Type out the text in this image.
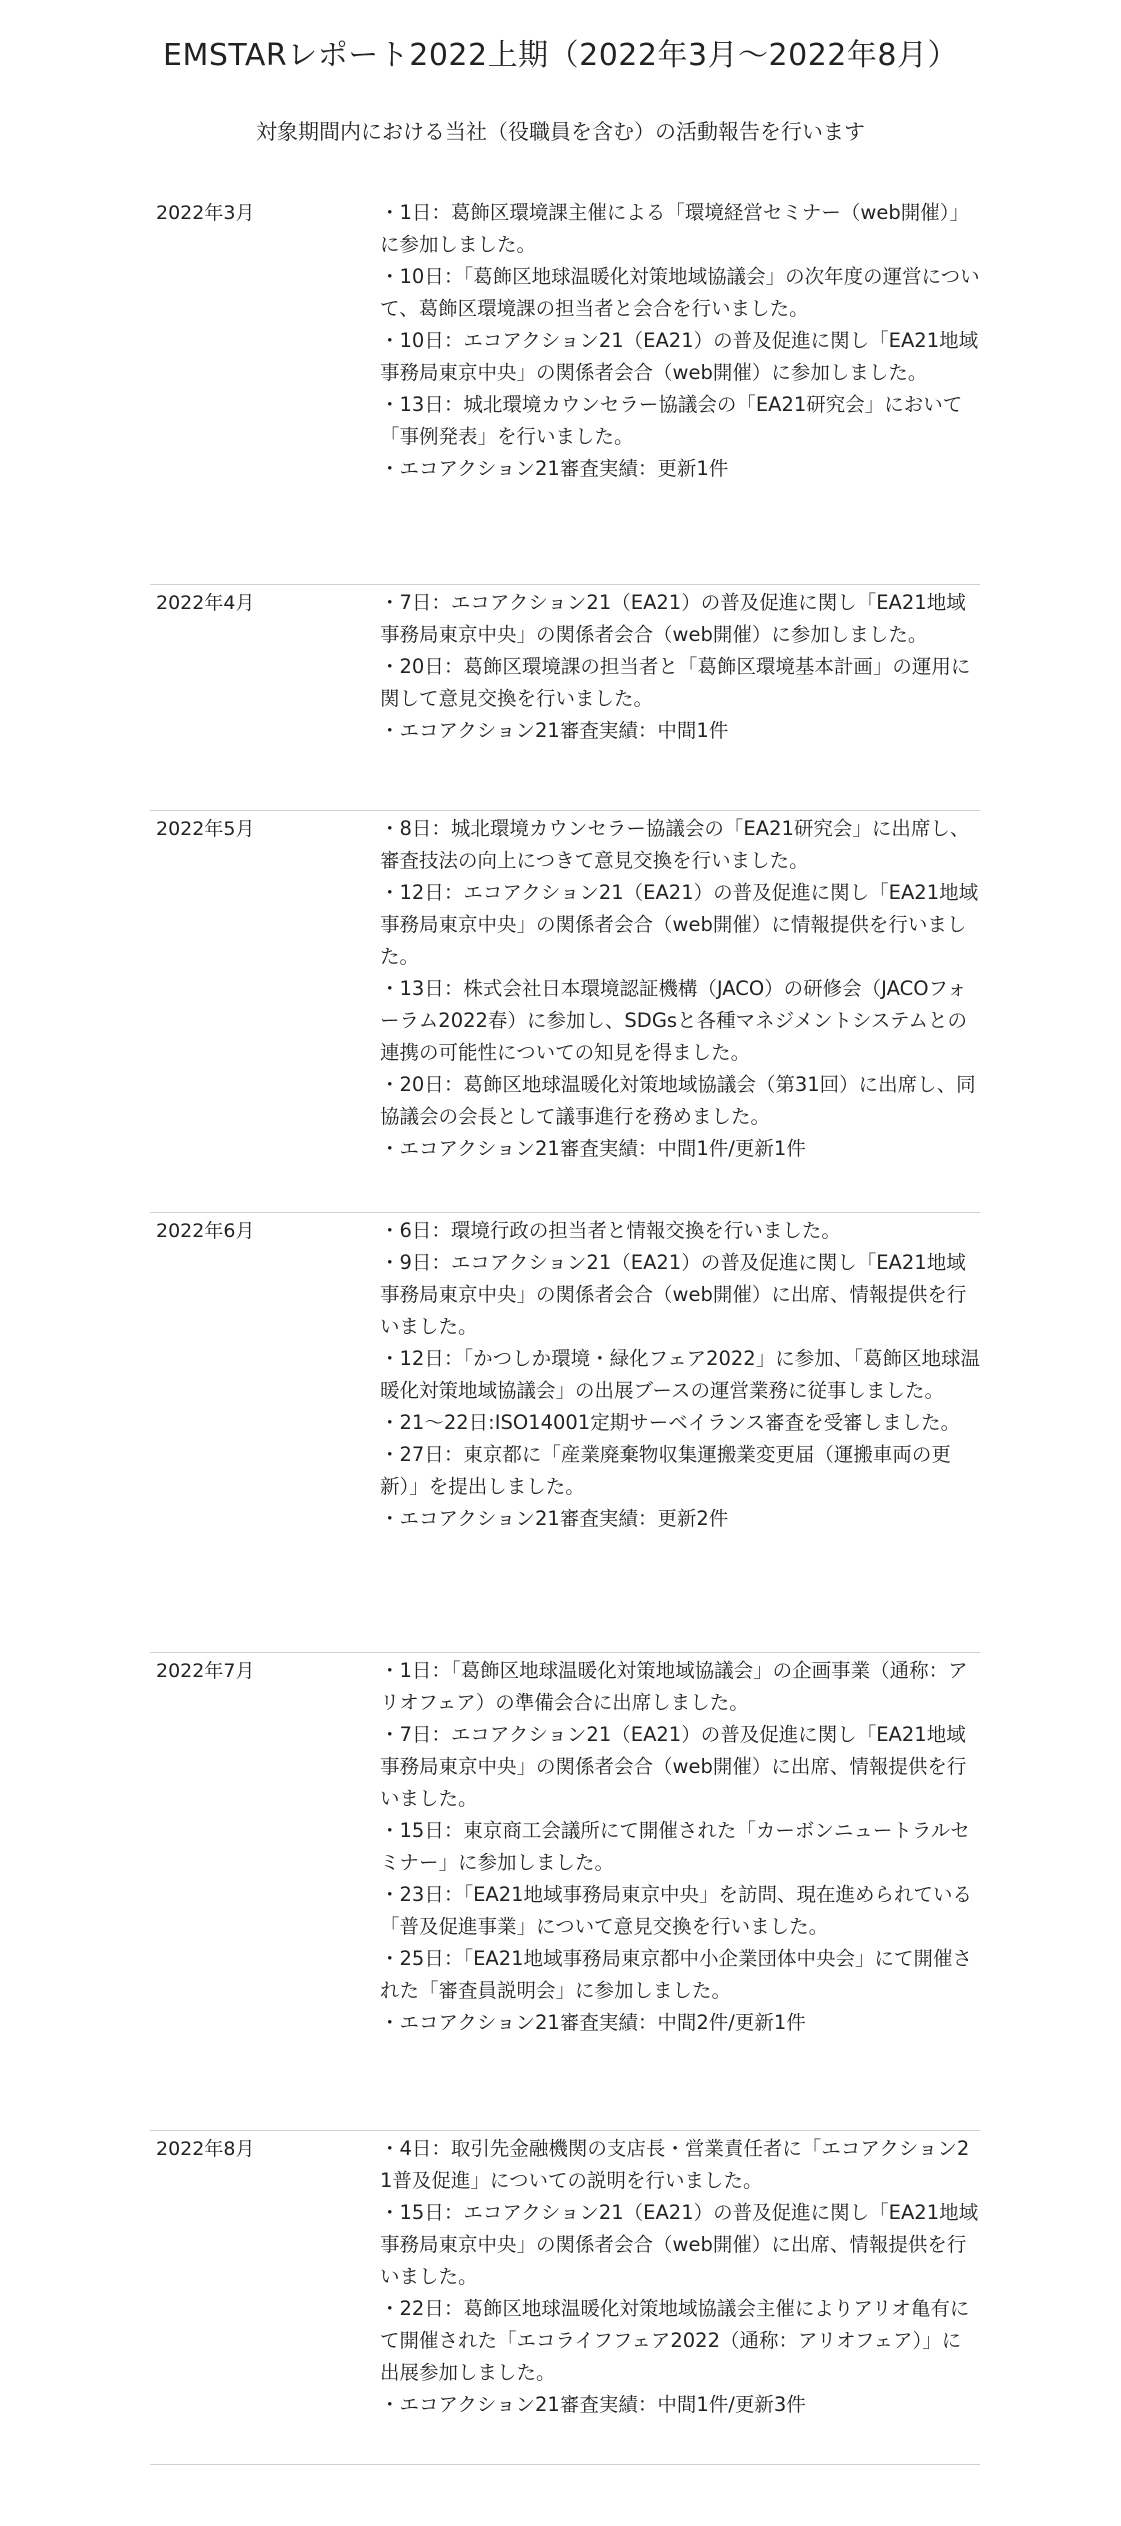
EMSTARレポート2022上期（2022年3月～2022年8月）
対象期間内における当社（役職員を含む）の活動報告を行います
2022年3月	・1日：葛飾区環境課主催による「環境経営セミナー（web開催）」に参加しました。
・10日：「葛飾区地球温暖化対策地域協議会」の次年度の運営について、葛飾区環境課の担当者と会合を行いました。
・10日：エコアクション21（EA21）の普及促進に関し「EA21地域事務局東京中央」の関係者会合（web開催）に参加しました。
・13日：城北環境カウンセラー協議会の「EA21研究会」において「事例発表」を行いました。
・エコアクション21審査実績：更新1件
2022年4月	・7日：エコアクション21（EA21）の普及促進に関し「EA21地域事務局東京中央」の関係者会合（web開催）に参加しました。
・20日：葛飾区環境課の担当者と「葛飾区環境基本計画」の運用に関して意見交換を行いました。
・エコアクション21審査実績：中間1件
2022年5月	・8日：城北環境カウンセラー協議会の「EA21研究会」に出席し、審査技法の向上につきて意見交換を行いました。
・12日：エコアクション21（EA21）の普及促進に関し「EA21地域事務局東京中央」の関係者会合（web開催）に情報提供を行いました。
・13日：株式会社日本環境認証機構（JACO）の研修会（JACOフォーラム2022春）に参加し、SDGsと各種マネジメントシステムとの連携の可能性についての知見を得ました。
・20日：葛飾区地球温暖化対策地域協議会（第31回）に出席し、同協議会の会長として議事進行を務めました。
・エコアクション21審査実績：中間1件/更新1件
2022年6月	・6日：環境行政の担当者と情報交換を行いました。
・9日：エコアクション21（EA21）の普及促進に関し「EA21地域事務局東京中央」の関係者会合（web開催）に出席、情報提供を行いました。
・12日：「かつしか環境・緑化フェア2022」に参加、「葛飾区地球温暖化対策地域協議会」の出展ブースの運営業務に従事しました。
・21～22日:ISO14001定期サーベイランス審査を受審しました。
・27日：東京都に「産業廃棄物収集運搬業変更届（運搬車両の更新）」を提出しました。
・エコアクション21審査実績：更新2件
2022年7月	・1日：「葛飾区地球温暖化対策地域協議会」の企画事業（通称：アリオフェア）の準備会合に出席しました。
・7日：エコアクション21（EA21）の普及促進に関し「EA21地域事務局東京中央」の関係者会合（web開催）に出席、情報提供を行いました。
・15日：東京商工会議所にて開催された「カーボンニュートラルセミナー」に参加しました。
・23日：「EA21地域事務局東京中央」を訪問、現在進められている「普及促進事業」について意見交換を行いました。
・25日：「EA21地域事務局東京都中小企業団体中央会」にて開催された「審査員説明会」に参加しました。
・エコアクション21審査実績：中間2件/更新1件
2022年8月	・4日：取引先金融機関の支店長・営業責任者に「エコアクション21普及促進」についての説明を行いました。
・15日：エコアクション21（EA21）の普及促進に関し「EA21地域事務局東京中央」の関係者会合（web開催）に出席、情報提供を行いました。
・22日：葛飾区地球温暖化対策地域協議会主催によりアリオ亀有にて開催された「エコライフフェア2022（通称：アリオフェア）」に出展参加しました。
・エコアクション21審査実績：中間1件/更新3件
